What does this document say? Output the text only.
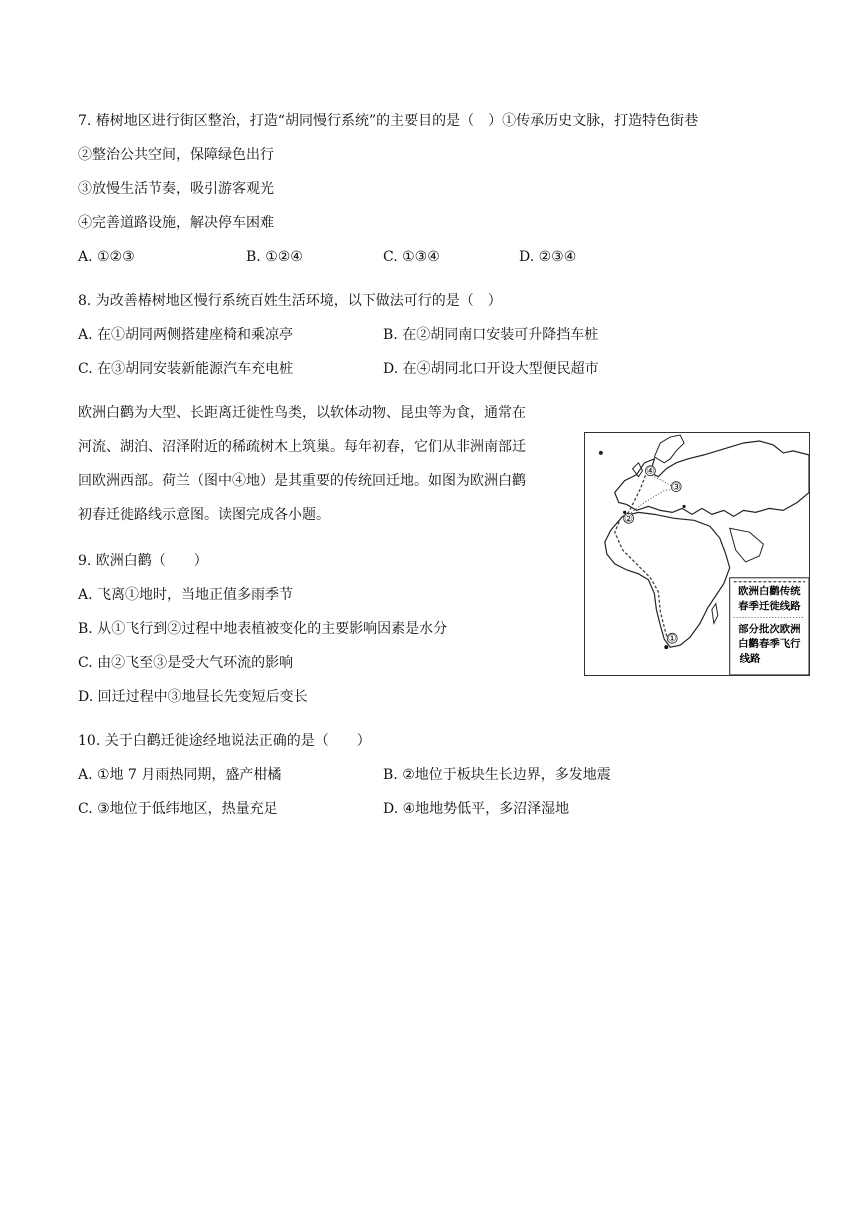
7. 椿树地区进行街区整治，打造“胡同慢行系统”的主要目的是（　）①传承历史文脉，打造特色街巷
②整治公共空间，保障绿色出行
③放慢生活节奏，吸引游客观光
④完善道路设施，解决停车困难
A. ①②③	B. ①②④	C. ①③④	D. ②③④
8. 为改善椿树地区慢行系统百姓生活环境，以下做法可行的是（　）
A. 在①胡同两侧搭建座椅和乘凉亭	B. 在②胡同南口安装可升降挡车桩
C. 在③胡同安装新能源汽车充电桩	D. 在④胡同北口开设大型便民超市
欧洲白鹳为大型、长距离迁徙性鸟类，以软体动物、昆虫等为食，通常在
河流、湖泊、沼泽附近的稀疏树木上筑巢。每年初春，它们从非洲南部迁
回欧洲西部。荷兰（图中④地）是其重要的传统回迁地。如图为欧洲白鹳
初春迁徙路线示意图。读图完成各小题。
①
②
③
④
欧洲白鹳传统
春季迁徙线路
部分批次欧洲
白鹳春季飞行
线路
9. 欧洲白鹳（　　）
A. 飞离①地时，当地正值多雨季节
B. 从①飞行到②过程中地表植被变化的主要影响因素是水分
C. 由②飞至③是受大气环流的影响
D. 回迁过程中③地昼长先变短后变长
10. 关于白鹳迁徙途经地说法正确的是（　　）
A. ①地 7 月雨热同期，盛产柑橘	B. ②地位于板块生长边界，多发地震
C. ③地位于低纬地区，热量充足	D. ④地地势低平，多沼泽湿地
